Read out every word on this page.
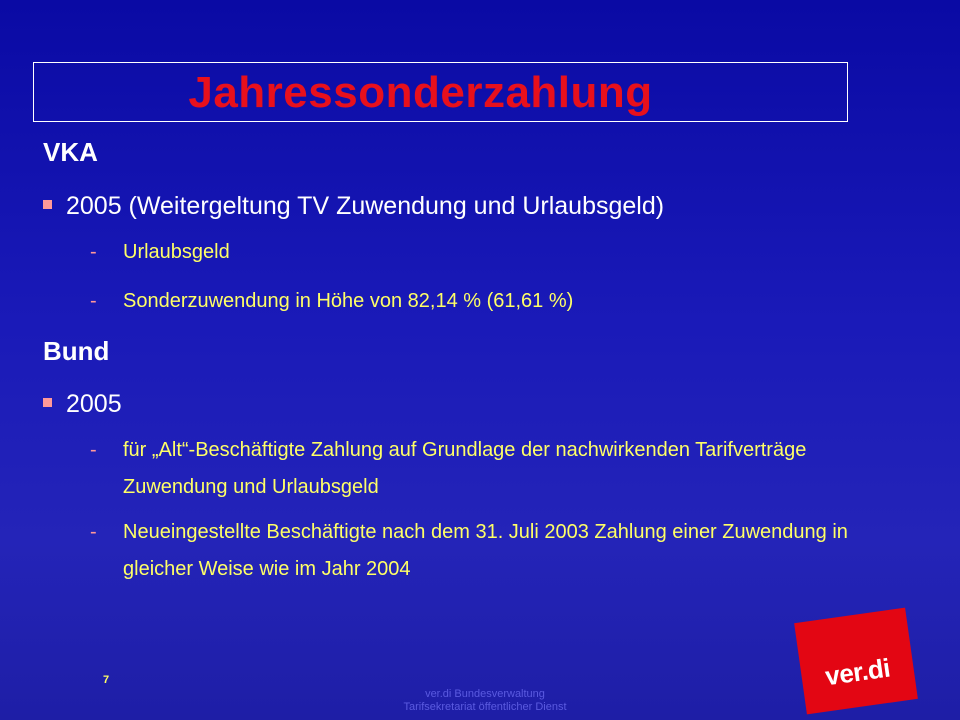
Jahressonderzahlung
VKA
2005 (Weitergeltung TV Zuwendung und Urlaubsgeld)
-	Urlaubsgeld
-	Sonderzuwendung in Höhe von 82,14 % (61,61 %)
Bund
2005
-	für „Alt“-Beschäftigte Zahlung auf Grundlage der nachwirkenden Tarifverträge Zuwendung und Urlaubsgeld
-	Neueingestellte Beschäftigte nach dem 31. Juli 2003 Zahlung einer Zuwendung in gleicher Weise wie im Jahr 2004
7
ver.di Bundesverwaltung
Tarifsekretariat öffentlicher Dienst
ver.di
